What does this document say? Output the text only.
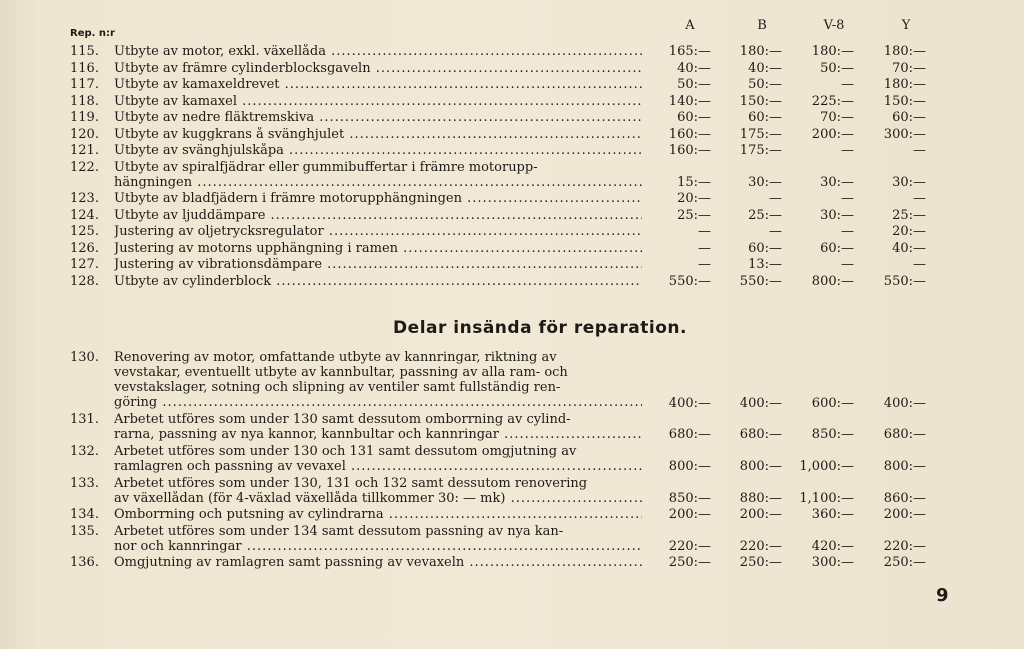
Rep. n:r
A	B	V-8	Y
115.	Utbyte av motor, exkl. växellåda .....	165:—	180:—	180:—	180:—
116.	Utbyte av främre cylinderblocksgaveln .....	40:—	40:—	50:—	70:—
117.	Utbyte av kamaxeldrevet .....	50:—	50:—	—	180:—
118.	Utbyte av kamaxel .....	140:—	150:—	225:—	150:—
119.	Utbyte av nedre fläktremskiva .....	60:—	60:—	70:—	60:—
120.	Utbyte av kuggkrans å svänghjulet .....	160:—	175:—	200:—	300:—
121.	Utbyte av svänghjulskåpa .....	160:—	175:—	—	—
122.	Utbyte av spiralfjädrar eller gummibuffertar i främre motorupp-
hängningen .....	15:—	30:—	30:—	30:—
123.	Utbyte av bladfjädern i främre motorupphängningen .....	20:—	—	—	—
124.	Utbyte av ljuddämpare .....	25:—	25:—	30:—	25:—
125.	Justering av oljetrycksregulator .....	—	—	—	20:—
126.	Justering av motorns upphängning i ramen .....	—	60:—	60:—	40:—
127.	Justering av vibrationsdämpare .....	—	13:—	—	—
128.	Utbyte av cylinderblock .....	550:—	550:—	800:—	550:—
Delar insända för reparation.
130.	Renovering av motor, omfattande utbyte av kannringar, riktning av
vevstakar, eventuellt utbyte av kannbultar, passning av alla ram- och
vevstakslager, sotning och slipning av ventiler samt fullständig ren-
göring .....	400:—	400:—	600:—	400:—
131.	Arbetet utföres som under 130 samt dessutom omborrning av cylind-
rarna, passning av nya kannor, kannbultar och kannringar .....	680:—	680:—	850:—	680:—
132.	Arbetet utföres som under 130 och 131 samt dessutom omgjutning av
ramlagren och passning av vevaxel .....	800:—	800:—	1,000:—	800:—
133.	Arbetet utföres som under 130, 131 och 132 samt dessutom renovering
av växellådan (för 4-växlad växellåda tillkommer 30: — mk) .....	850:—	880:—	1,100:—	860:—
134.	Omborrning och putsning av cylindrarna .....	200:—	200:—	360:—	200:—
135.	Arbetet utföres som under 134 samt dessutom passning av nya kan-
nor och kannringar .....	220:—	220:—	420:—	220:—
136.	Omgjutning av ramlagren samt passning av vevaxeln .....	250:—	250:—	300:—	250:—
9
